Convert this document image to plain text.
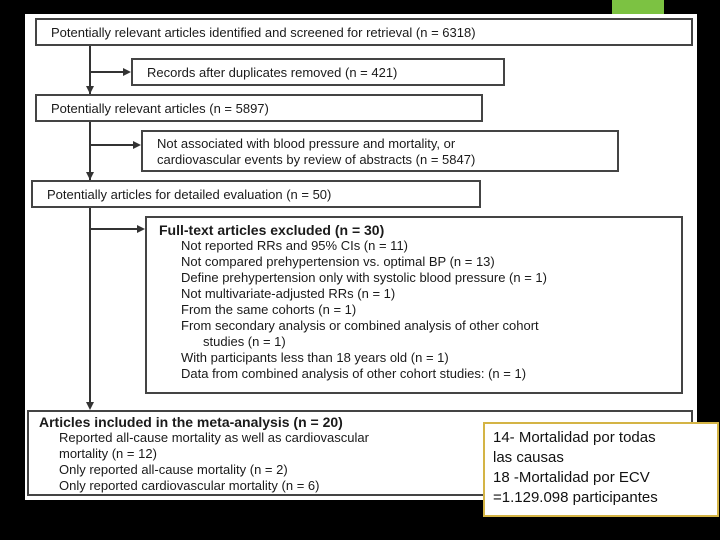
Potentially relevant articles identified and screened for retrieval (n = 6318)
Records after duplicates removed (n = 421)
Potentially relevant articles (n = 5897)
Not associated with blood pressure and mortality, or
cardiovascular events by review of abstracts (n = 5847)
Potentially articles for detailed evaluation (n = 50)
Full-text articles excluded (n = 30)
Not reported RRs and 95% CIs (n = 11)
Not compared prehypertension vs. optimal BP (n = 13)
Define prehypertension only with systolic blood pressure (n = 1)
Not multivariate-adjusted RRs (n = 1)
From the same cohorts (n = 1)
From secondary analysis or combined analysis of other cohort
studies (n = 1)
With participants less than 18 years old (n = 1)
Data from combined analysis of other cohort studies: (n = 1)
Articles included in the meta-analysis (n = 20)
Reported all-cause mortality as well as cardiovascular
mortality (n = 12)
Only reported all-cause mortality (n = 2)
Only reported cardiovascular mortality (n = 6)
14- Mortalidad por todas
las causas
18 -Mortalidad por ECV
=1.129.098 participantes
